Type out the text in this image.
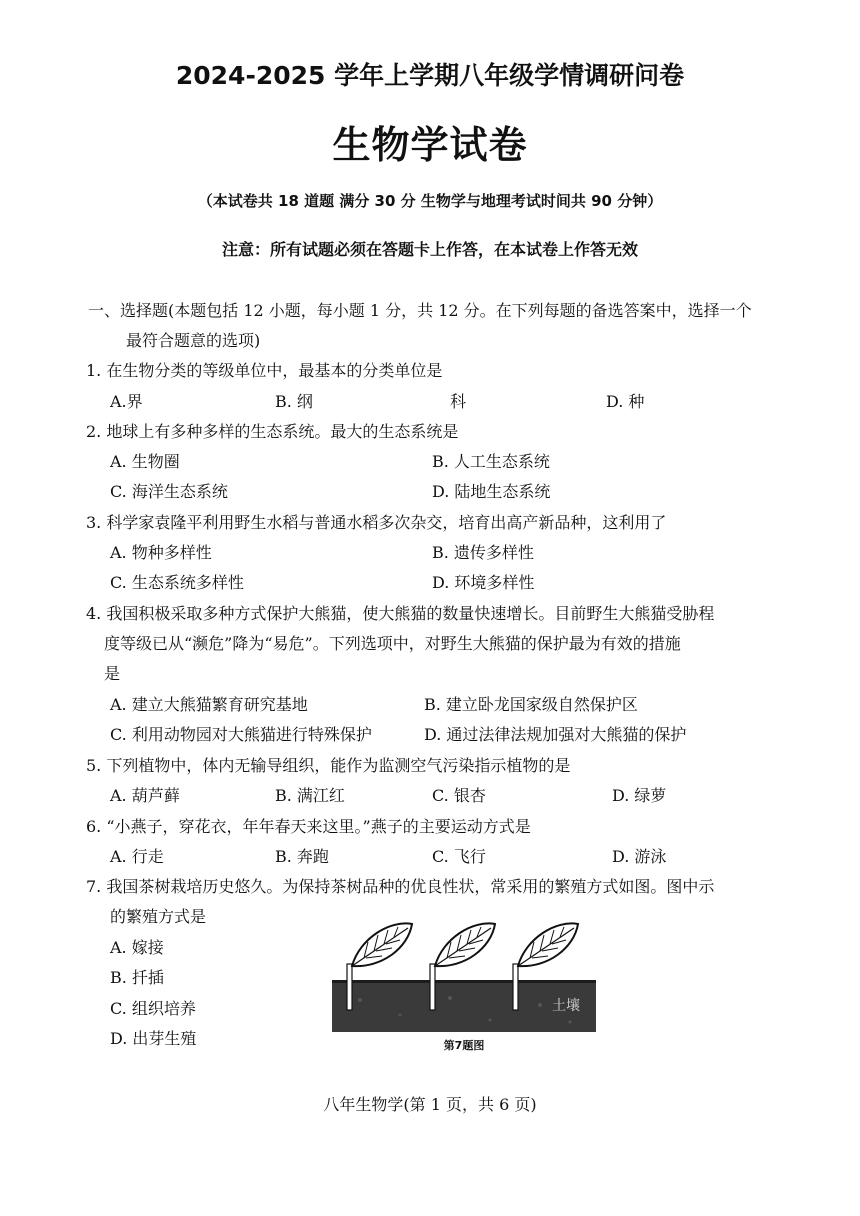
2024-2025 学年上学期八年级学情调研问卷
生物学试卷
（本试卷共 18 道题 满分 30 分 生物学与地理考试时间共 90 分钟）
注意：所有试题必须在答题卡上作答，在本试卷上作答无效
一、选择题(本题包括 12 小题，每小题 1 分，共 12 分。在下列每题的备选答案中，选择一个
最符合题意的选项)
1. 在生物分类的等级单位中，最基本的分类单位是
A.界	B. 纲	科	D. 种
2. 地球上有多种多样的生态系统。最大的生态系统是
A. 生物圈	B. 人工生态系统
C. 海洋生态系统	D. 陆地生态系统
3. 科学家袁隆平利用野生水稻与普通水稻多次杂交，培育出高产新品种，这利用了
A. 物种多样性	B. 遗传多样性
C. 生态系统多样性	D. 环境多样性
4. 我国积极采取多种方式保护大熊猫，使大熊猫的数量快速增长。目前野生大熊猫受胁程
度等级已从“濒危”降为“易危”。下列选项中，对野生大熊猫的保护最为有效的措施
是
A. 建立大熊猫繁育研究基地	B. 建立卧龙国家级自然保护区
C. 利用动物园对大熊猫进行特殊保护	D. 通过法律法规加强对大熊猫的保护
5. 下列植物中，体内无输导组织，能作为监测空气污染指示植物的是
A. 葫芦藓	B. 满江红	C. 银杏	D. 绿萝
6. “小燕子，穿花衣，年年春天来这里。”燕子的主要运动方式是
A. 行走	B. 奔跑	C. 飞行	D. 游泳
7. 我国茶树栽培历史悠久。为保持茶树品种的优良性状，常采用的繁殖方式如图。图中示
的繁殖方式是
A. 嫁接
B. 扦插
C. 组织培养
D. 出芽生殖
土壤
第7题图
八年生物学(第 1 页，共 6 页)
